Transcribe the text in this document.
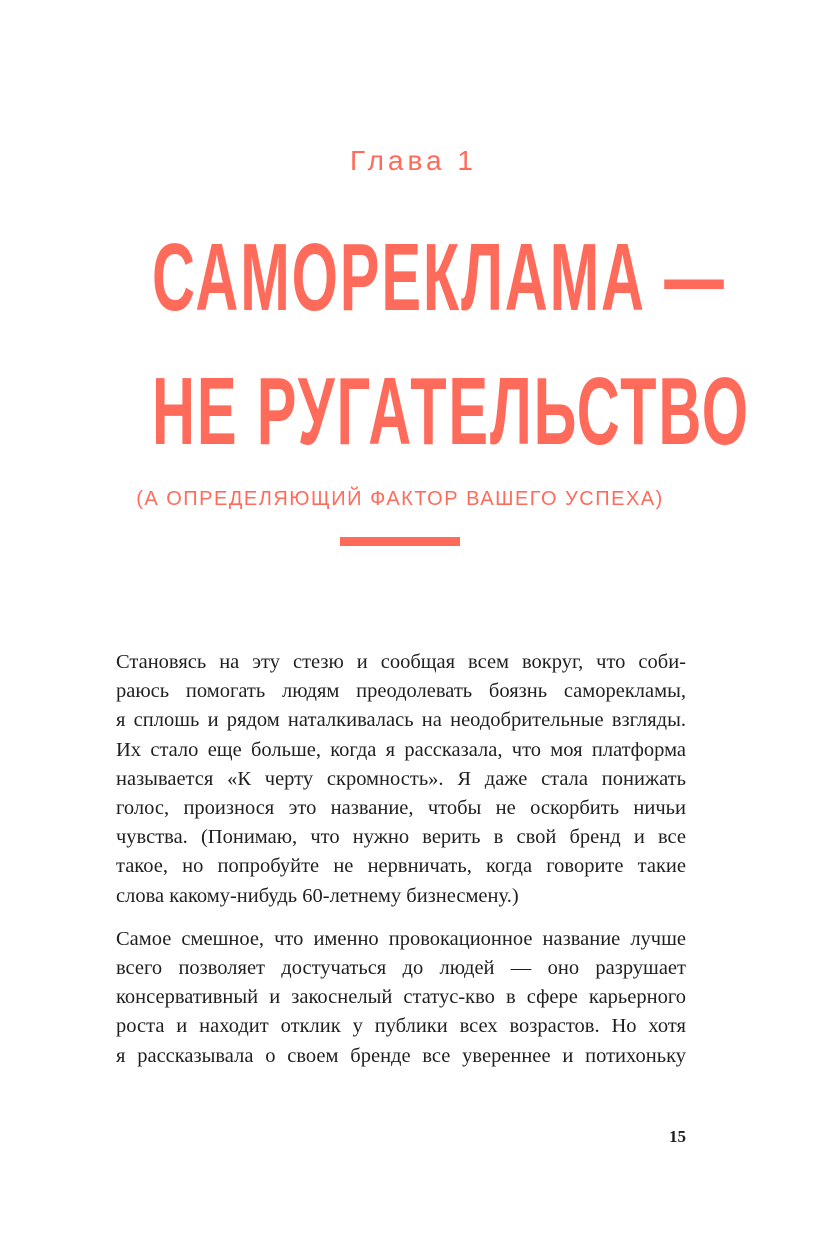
Глава 1
САМОРЕКЛАМА —
НЕ РУГАТЕЛЬСТВО
(А ОПРЕДЕЛЯЮЩИЙ ФАКТОР ВАШЕГО УСПЕХА)
Становясь на эту стезю и сообщая всем вокруг, что соби-
раюсь помогать людям преодолевать боязнь саморекламы,
я сплошь и рядом наталкивалась на неодобрительные взгляды.
Их стало еще больше, когда я рассказала, что моя платформа
называется «К черту скромность». Я даже стала понижать
голос, произнося это название, чтобы не оскорбить ничьи
чувства. (Понимаю, что нужно верить в свой бренд и все
такое, но попробуйте не нервничать, когда говорите такие
слова какому-нибудь 60-летнему бизнесмену.)
Самое смешное, что именно провокационное название лучше
всего позволяет достучаться до людей — оно разрушает
консервативный и закоснелый статус-кво в сфере карьерного
роста и находит отклик у публики всех возрастов. Но хотя
я рассказывала о своем бренде все увереннее и потихоньку
15
